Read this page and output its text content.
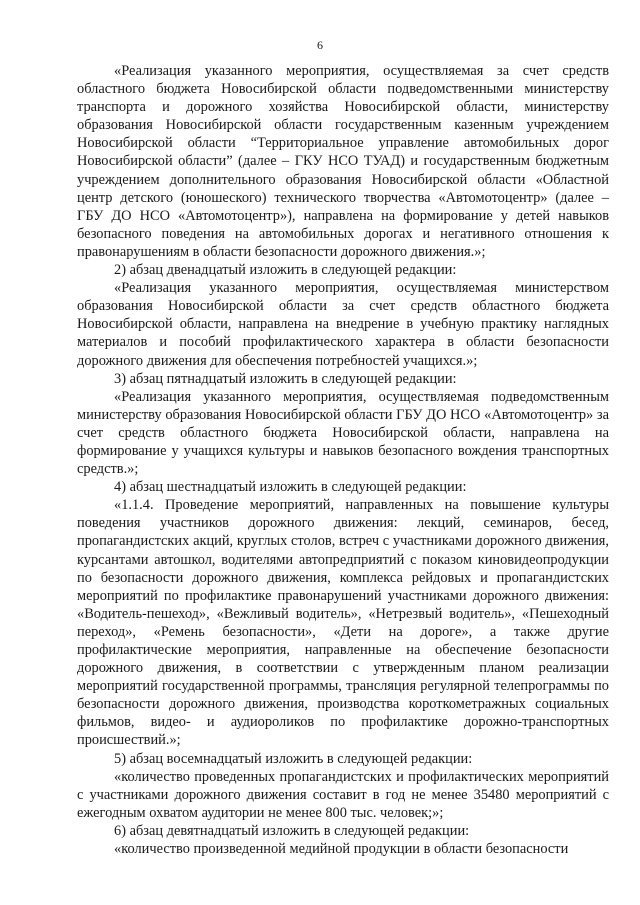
6

«Реализация указанного мероприятия, осуществляемая за счет средств областного бюджета Новосибирской области подведомственными министерству транспорта и дорожного хозяйства Новосибирской области, министерству образования Новосибирской области государственным казенным учреждением Новосибирской области “Территориальное управление автомобильных дорог Новосибирской области” (далее – ГКУ НСО ТУАД) и государственным бюджетным учреждением дополнительного образования Новосибирской области «Областной центр детского (юношеского) технического творчества «Автомотоцентр» (далее – ГБУ ДО НСО «Автомотоцентр»), направлена на формирование у детей навыков безопасного поведения на автомобильных дорогах и негативного отношения к правонарушениям в области безопасности дорожного движения.»;

2) абзац двенадцатый изложить в следующей редакции:

«Реализация указанного мероприятия, осуществляемая министерством образования Новосибирской области за счет средств областного бюджета Новосибирской области, направлена на внедрение в учебную практику наглядных материалов и пособий профилактического характера в области безопасности дорожного движения для обеспечения потребностей учащихся.»;

3) абзац пятнадцатый изложить в следующей редакции:

«Реализация указанного мероприятия, осуществляемая подведомственным министерству образования Новосибирской области ГБУ ДО НСО «Автомотоцентр» за счет средств областного бюджета Новосибирской области, направлена на формирование у учащихся культуры и навыков безопасного вождения транспортных средств.»;

4) абзац шестнадцатый изложить в следующей редакции:

«1.1.4. Проведение мероприятий, направленных на повышение культуры поведения участников дорожного движения: лекций, семинаров, бесед, пропагандистских акций, круглых столов, встреч с участниками дорожного движения, курсантами автошкол, водителями автопредприятий с показом киновидеопродукции по безопасности дорожного движения, комплекса рейдовых и пропагандистских мероприятий по профилактике правонарушений участниками дорожного движения: «Водитель-пешеход», «Вежливый водитель», «Нетрезвый водитель», «Пешеходный переход», «Ремень безопасности», «Дети на дороге», а также другие профилактические мероприятия, направленные на обеспечение безопасности дорожного движения, в соответствии с утвержденным планом реализации мероприятий государственной программы, трансляция регулярной телепрограммы по безопасности дорожного движения, производства короткометражных социальных фильмов, видео- и аудиороликов по профилактике дорожно-транспортных происшествий.»;

5) абзац восемнадцатый изложить в следующей редакции:

«количество проведенных пропагандистских и профилактических мероприятий с участниками дорожного движения составит в год не менее 35480 мероприятий с ежегодным охватом аудитории не менее 800 тыс. человек;»;

6) абзац девятнадцатый изложить в следующей редакции:

«количество произведенной медийной продукции в области безопасности
